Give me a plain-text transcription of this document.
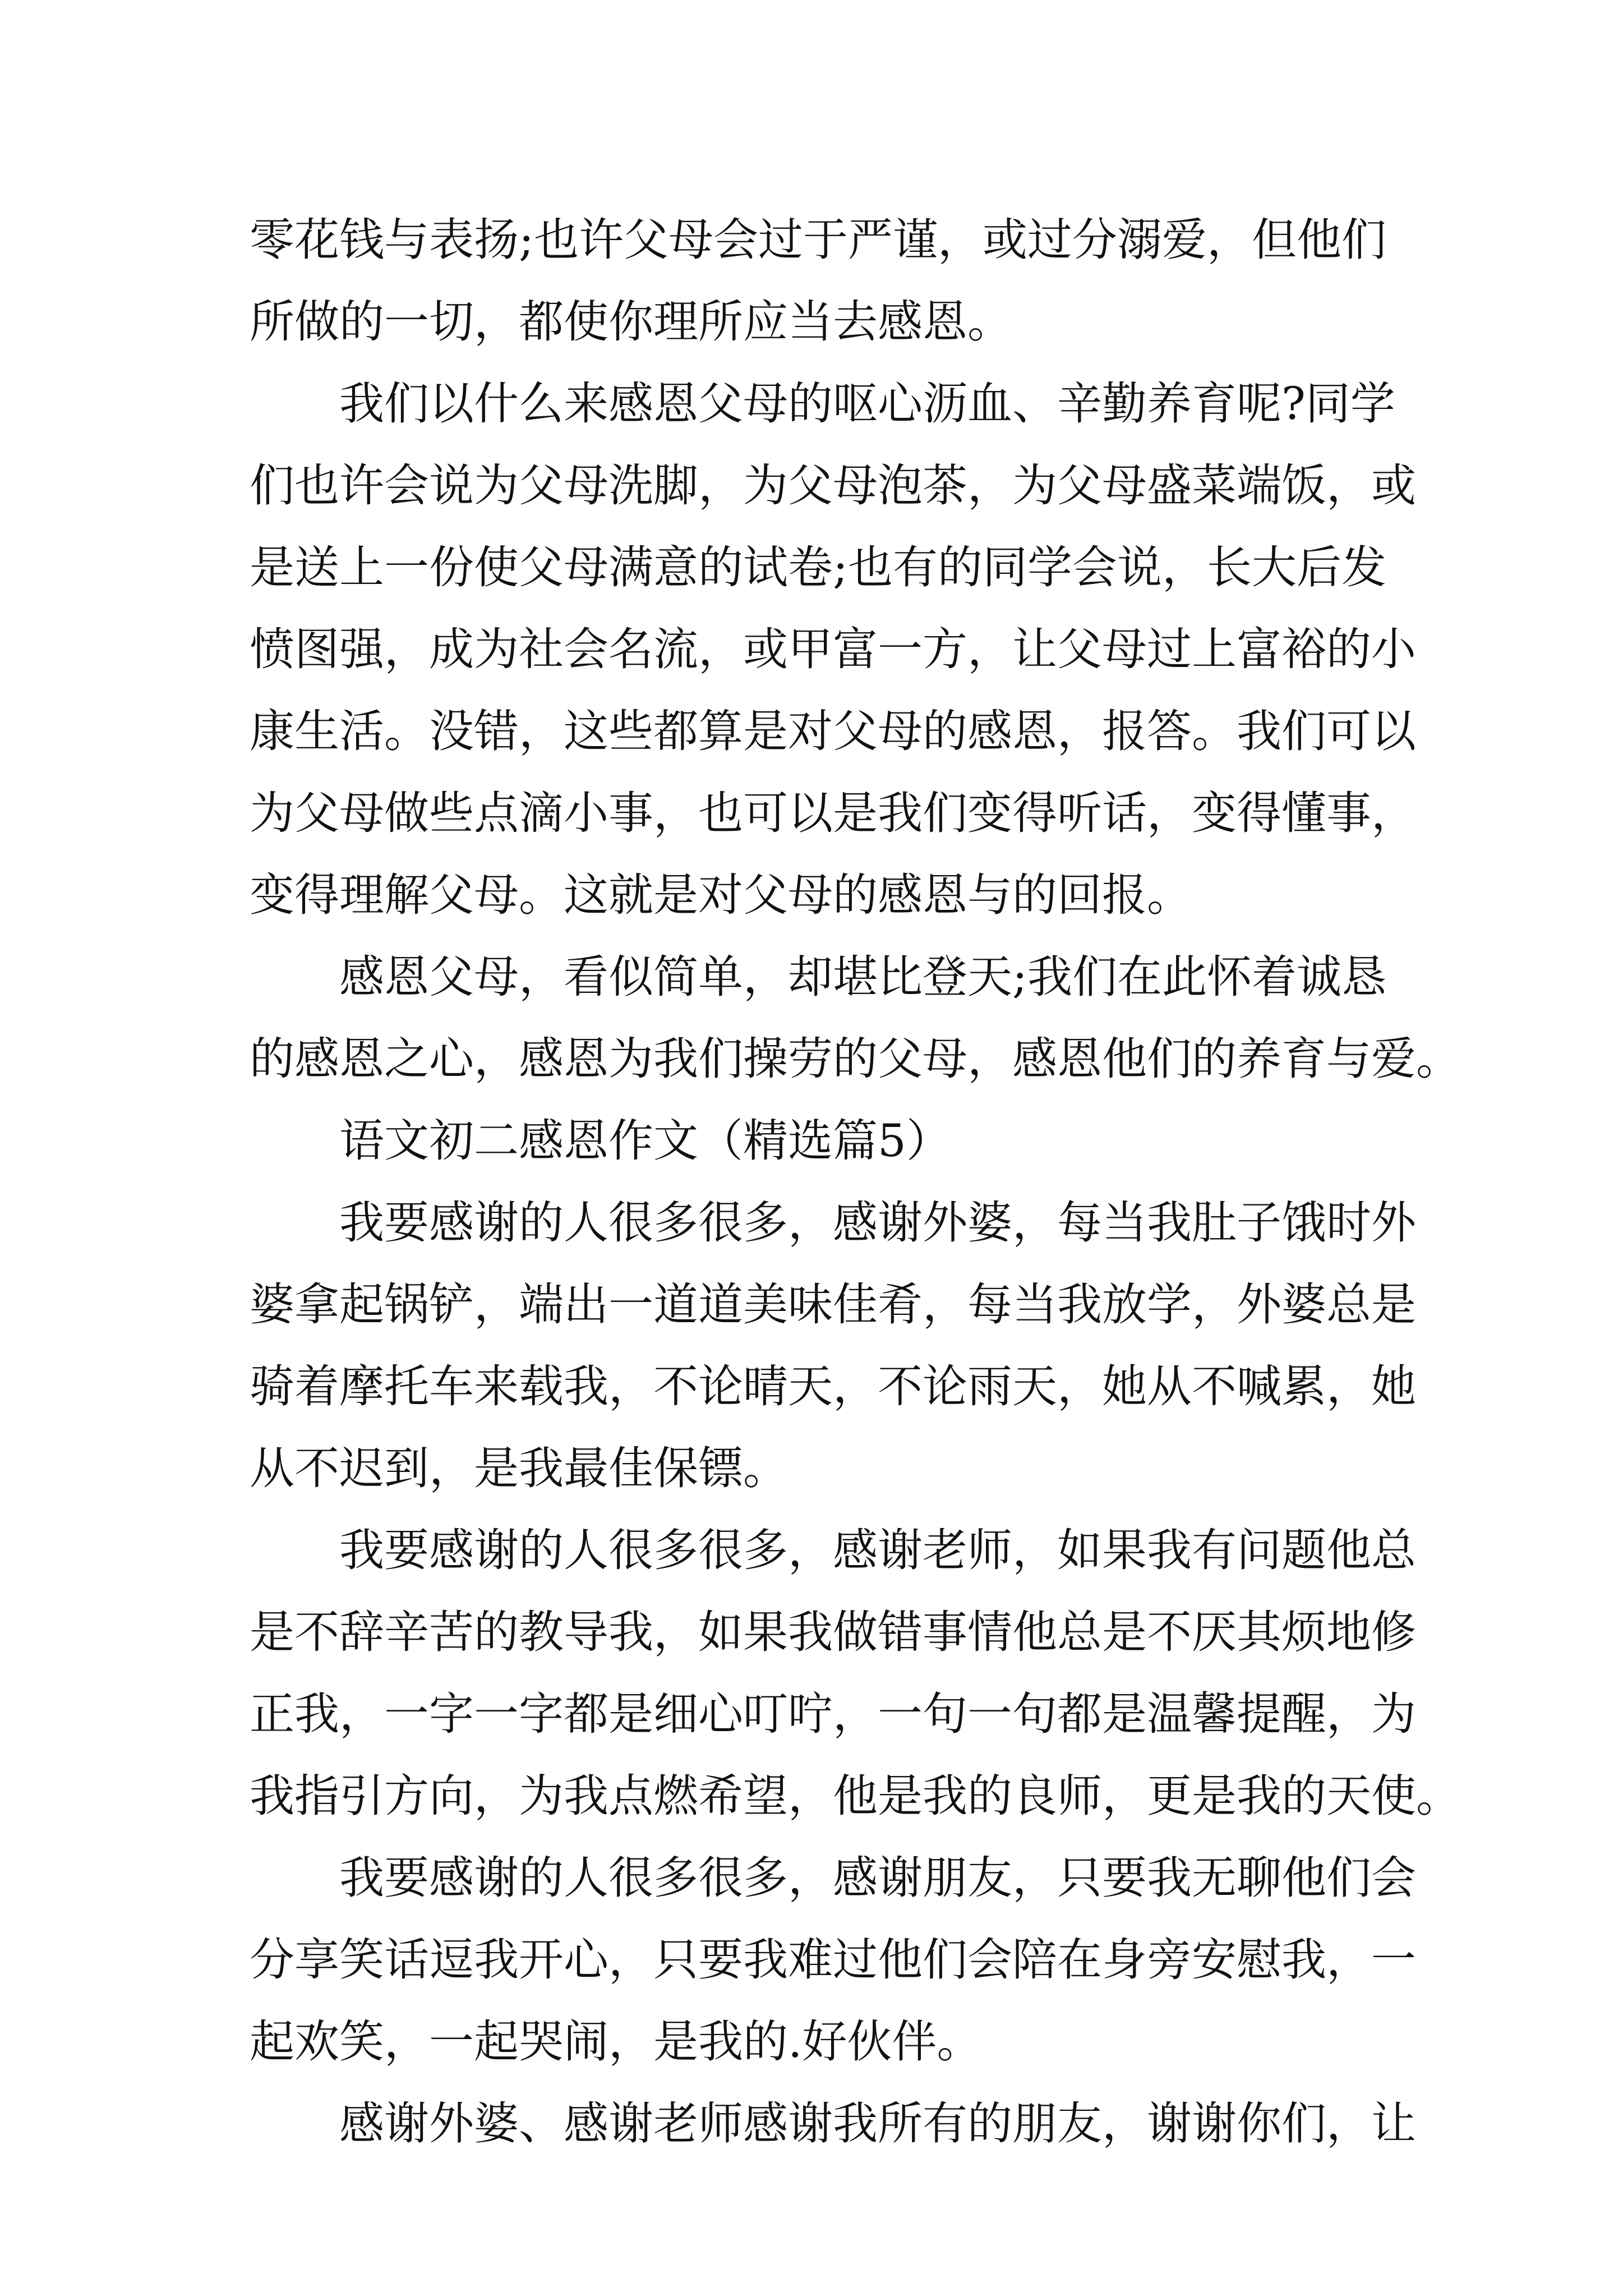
零花钱与表扬;也许父母会过于严谨，或过分溺爱，但他们
所做的一切，都使你理所应当去感恩。
　　我们以什么来感恩父母的呕心沥血、辛勤养育呢?同学
们也许会说为父母洗脚，为父母泡茶，为父母盛菜端饭，或
是送上一份使父母满意的试卷;也有的同学会说，长大后发
愤图强，成为社会名流，或甲富一方，让父母过上富裕的小
康生活。没错，这些都算是对父母的感恩，报答。我们可以
为父母做些点滴小事，也可以是我们变得听话，变得懂事，
变得理解父母。这就是对父母的感恩与的回报。
　　感恩父母，看似简单，却堪比登天;我们在此怀着诚恳
的感恩之心，感恩为我们操劳的父母，感恩他们的养育与爱。
　　语文初二感恩作文（精选篇5）
　　我要感谢的人很多很多，感谢外婆，每当我肚子饿时外
婆拿起锅铲，端出一道道美味佳肴，每当我放学，外婆总是
骑着摩托车来载我，不论晴天，不论雨天，她从不喊累，她
从不迟到，是我最佳保镖。
　　我要感谢的人很多很多，感谢老师，如果我有问题他总
是不辞辛苦的教导我，如果我做错事情他总是不厌其烦地修
正我，一字一字都是细心叮咛，一句一句都是温馨提醒，为
我指引方向，为我点燃希望，他是我的良师，更是我的天使。
　　我要感谢的人很多很多，感谢朋友，只要我无聊他们会
分享笑话逗我开心，只要我难过他们会陪在身旁安慰我，一
起欢笑，一起哭闹，是我的.好伙伴。
　　感谢外婆、感谢老师感谢我所有的朋友，谢谢你们，让
